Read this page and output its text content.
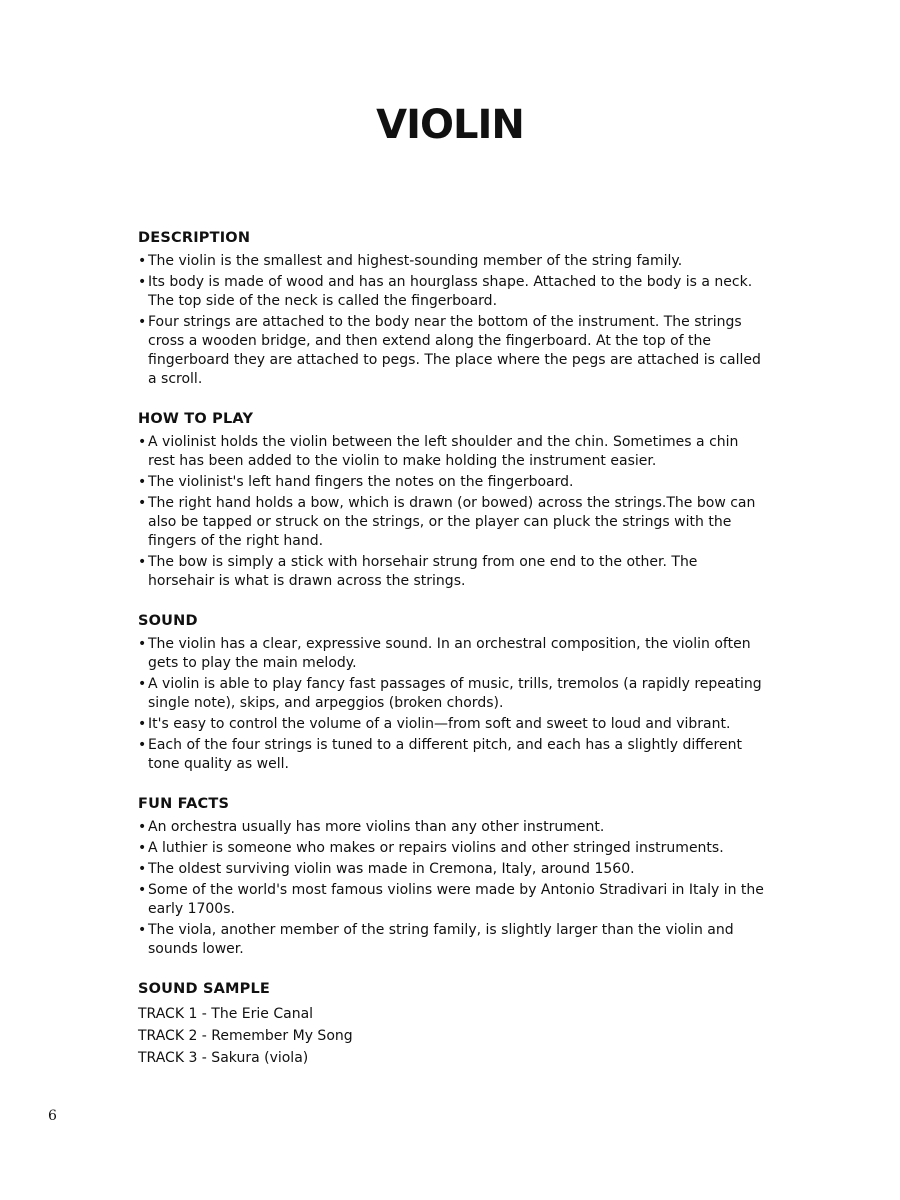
VIOLIN
DESCRIPTION
• The violin is the smallest and highest-sounding member of the string family.
• Its body is made of wood and has an hourglass shape. Attached to the body is a neck. The top side of the neck is called the fingerboard.
• Four strings are attached to the body near the bottom of the instrument. The strings cross a wooden bridge, and then extend along the fingerboard. At the top of the fingerboard they are attached to pegs. The place where the pegs are attached is called a scroll.
HOW TO PLAY
• A violinist holds the violin between the left shoulder and the chin. Sometimes a chin rest has been added to the violin to make holding the instrument easier.
• The violinist's left hand fingers the notes on the fingerboard.
• The right hand holds a bow, which is drawn (or bowed) across the strings.The bow can also be tapped or struck on the strings, or the player can pluck the strings with the fingers of the right hand.
• The bow is simply a stick with horsehair strung from one end to the other. The horsehair is what is drawn across the strings.
SOUND
• The violin has a clear, expressive sound. In an orchestral composition, the violin often gets to play the main melody.
• A violin is able to play fancy fast passages of music, trills, tremolos (a rapidly repeating single note), skips, and arpeggios (broken chords).
• It's easy to control the volume of a violin—from soft and sweet to loud and vibrant.
• Each of the four strings is tuned to a different pitch, and each has a slightly different tone quality as well.
FUN FACTS
• An orchestra usually has more violins than any other instrument.
• A luthier is someone who makes or repairs violins and other stringed instruments.
• The oldest surviving violin was made in Cremona, Italy, around 1560.
• Some of the world's most famous violins were made by Antonio Stradivari in Italy in the early 1700s.
• The viola, another member of the string family, is slightly larger than the violin and sounds lower.
SOUND SAMPLE
TRACK 1 - The Erie Canal
TRACK 2 - Remember My Song
TRACK 3 - Sakura (viola)
6
